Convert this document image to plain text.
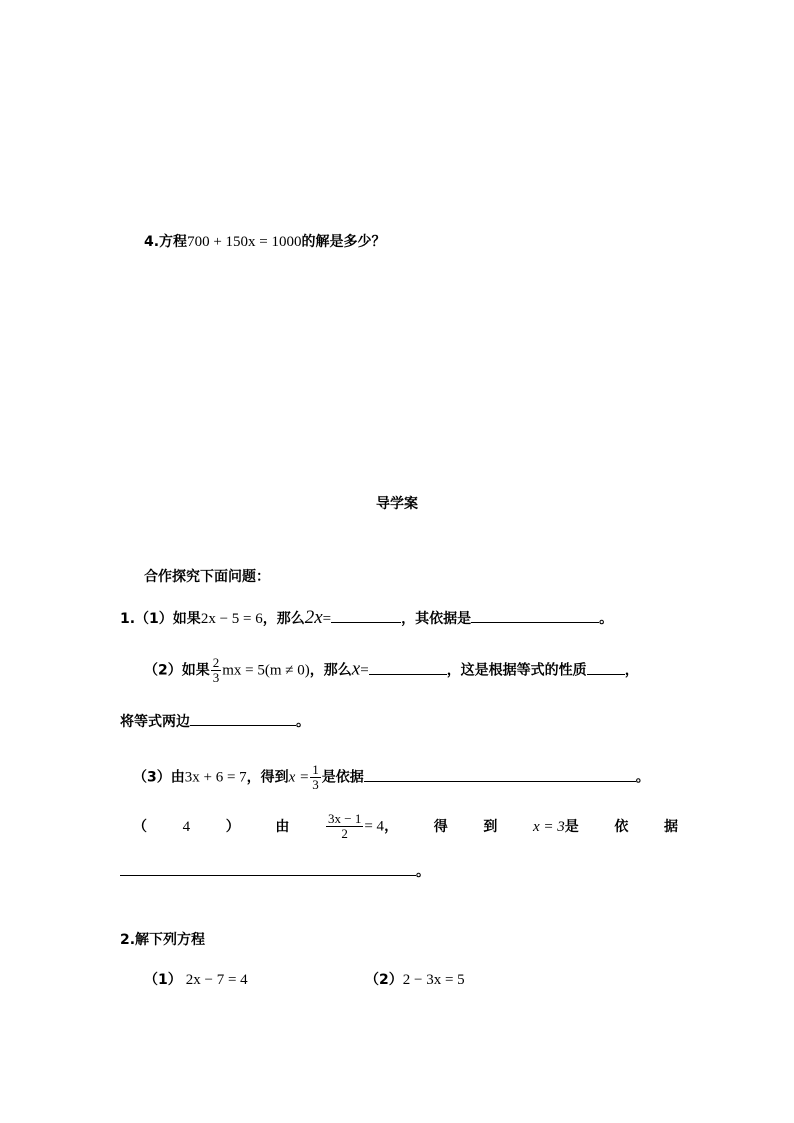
4.方程700 + 150x = 1000的解是多少？
导学案
合作探究下面问题：
1.（1）如果2x − 5 = 6，那么2x=	，其依据是	。
（2）如果 $\frac{2}{3}$ mx = 5(m ≠ 0)，那么x=	，这是根据等式的性质	，
将等式两边	。
（3）由3x + 6 = 7，得到$x = \frac{1}{3}$ 是依据	。
（ 4	）	由	$\frac{3x - 1}{2} = 4$，	得	到 x = 3是	依	据
。
2.解下列方程
（1） 2x − 7 = 4	（2）2 − 3x = 5
